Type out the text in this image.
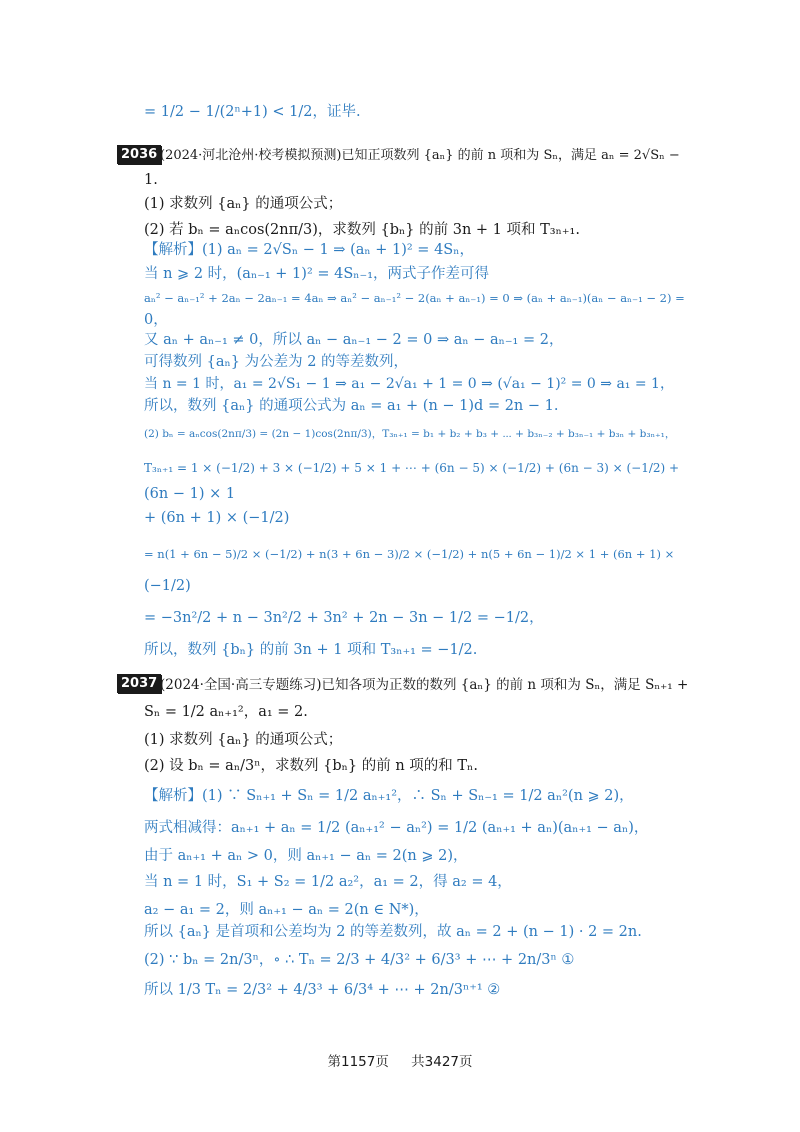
= 1/2 − 1/(2ⁿ+1) < 1/2，证毕.
2036 (2024·河北沧州·校考模拟预测)已知正项数列 {aₙ} 的前 n 项和为 Sₙ，满足 aₙ = 2√Sₙ −
1.
(1) 求数列 {aₙ} 的通项公式；
(2) 若 bₙ = aₙcos(2nπ/3)，求数列 {bₙ} 的前 3n + 1 项和 T₃ₙ₊₁.
【解析】(1) aₙ = 2√Sₙ − 1 ⇒ (aₙ + 1)² = 4Sₙ，
当 n ⩾ 2 时，(aₙ₋₁ + 1)² = 4Sₙ₋₁，两式子作差可得
aₙ² − aₙ₋₁² + 2aₙ − 2aₙ₋₁ = 4aₙ ⇒ aₙ² − aₙ₋₁² − 2(aₙ + aₙ₋₁) = 0 ⇒ (aₙ + aₙ₋₁)(aₙ − aₙ₋₁ − 2) =
0，
又 aₙ + aₙ₋₁ ≠ 0，所以 aₙ − aₙ₋₁ − 2 = 0 ⇒ aₙ − aₙ₋₁ = 2，
可得数列 {aₙ} 为公差为 2 的等差数列，
当 n = 1 时，a₁ = 2√S₁ − 1 ⇒ a₁ − 2√a₁ + 1 = 0 ⇒ (√a₁ − 1)² = 0 ⇒ a₁ = 1，
所以，数列 {aₙ} 的通项公式为 aₙ = a₁ + (n − 1)d = 2n − 1.
(2) bₙ = aₙcos(2nπ/3) = (2n − 1)cos(2nπ/3)，T₃ₙ₊₁ = b₁ + b₂ + b₃ + ⋯ + b₃ₙ₋₂ + b₃ₙ₋₁ + b₃ₙ + b₃ₙ₊₁，
T₃ₙ₊₁ = 1 × (−1/2) + 3 × (−1/2) + 5 × 1 + ⋯ + (6n − 5) × (−1/2) + (6n − 3) × (−1/2) +
(6n − 1) × 1
+ (6n + 1) × (−1/2)
= n(1 + 6n − 5)/2 × (−1/2) + n(3 + 6n − 3)/2 × (−1/2) + n(5 + 6n − 1)/2 × 1 + (6n + 1) ×
(−1/2)
= −3n²/2 + n − 3n²/2 + 3n² + 2n − 3n − 1/2 = −1/2，
所以，数列 {bₙ} 的前 3n + 1 项和 T₃ₙ₊₁ = −1/2.
2037 (2024·全国·高三专题练习)已知各项为正数的数列 {aₙ} 的前 n 项和为 Sₙ，满足 Sₙ₊₁ +
Sₙ = 1/2 aₙ₊₁²，a₁ = 2.
(1) 求数列 {aₙ} 的通项公式；
(2) 设 bₙ = aₙ/3ⁿ，求数列 {bₙ} 的前 n 项的和 Tₙ.
【解析】(1) ∵ Sₙ₊₁ + Sₙ = 1/2 aₙ₊₁²，∴ Sₙ + Sₙ₋₁ = 1/2 aₙ²(n ⩾ 2)，
两式相减得：aₙ₊₁ + aₙ = 1/2 (aₙ₊₁² − aₙ²) = 1/2 (aₙ₊₁ + aₙ)(aₙ₊₁ − aₙ)，
由于 aₙ₊₁ + aₙ > 0，则 aₙ₊₁ − aₙ = 2(n ⩾ 2)，
当 n = 1 时，S₁ + S₂ = 1/2 a₂²，a₁ = 2，得 a₂ = 4，
a₂ − a₁ = 2，则 aₙ₊₁ − aₙ = 2(n ∈ N*)，
所以 {aₙ} 是首项和公差均为 2 的等差数列，故 aₙ = 2 + (n − 1) · 2 = 2n.
(2) ∵ bₙ = 2n/3ⁿ，∘ ∴ Tₙ = 2/3 + 4/3² + 6/3³ + ⋯ + 2n/3ⁿ ①
所以 1/3 Tₙ = 2/3² + 4/3³ + 6/3⁴ + ⋯ + 2n/3ⁿ⁺¹ ②
第1157页 共3427页
